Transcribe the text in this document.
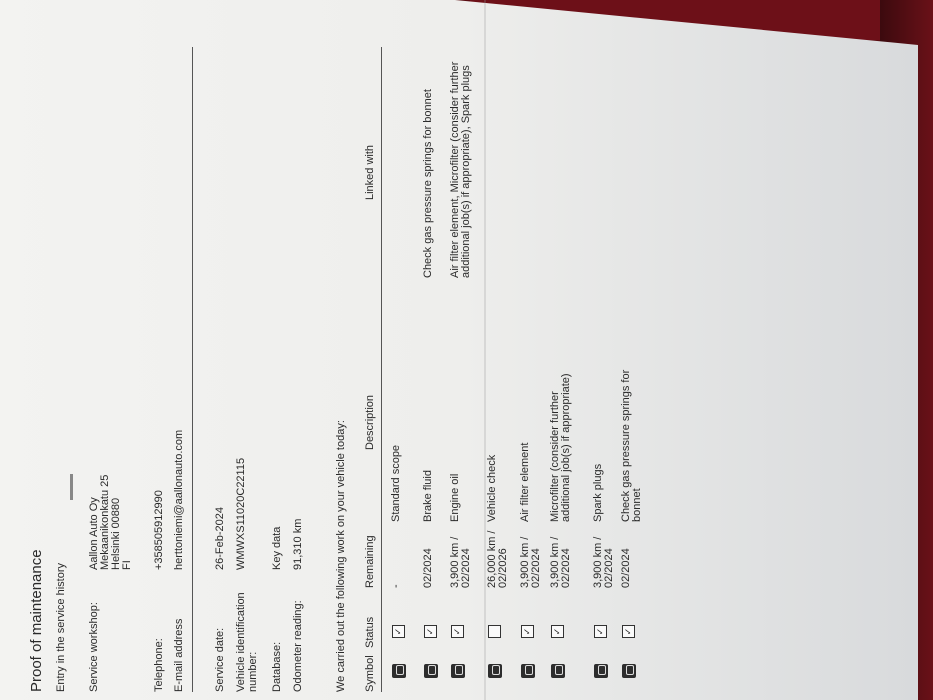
Proof of maintenance Entry in the service history Service workshop:
Aallon Auto Oy Mekaanikonkatu 25 Helsinki 00880 FI
Telephone:
+358505912990
E-mail address
herttoniemi@aallonauto.com
Service date:
26-Feb-2024
Vehicle identification number:
WMWXS11020C22115
Database:
Key data
Odometer reading:
91,310 km	We carried out the following work on your vehicle today: Symbol
Status
Remaining
Description
Linked with
✓
-
Standard scope
✓
02/2024
Brake fluid
Check gas pressure springs for bonnet
✓
3,900 km / 02/2024
Engine oil
Air filter element, Microfilter (consider further additional job(s) if appropriate), Spark plugs
26,000 km / 02/2026
Vehicle check
✓
3,900 km / 02/2024
Air filter element
✓
3,900 km / 02/2024
Microfilter (consider further additional job(s) if appropriate)
✓
3,900 km / 02/2024
Spark plugs
✓
02/2024
Check gas pressure springs for bonnet
